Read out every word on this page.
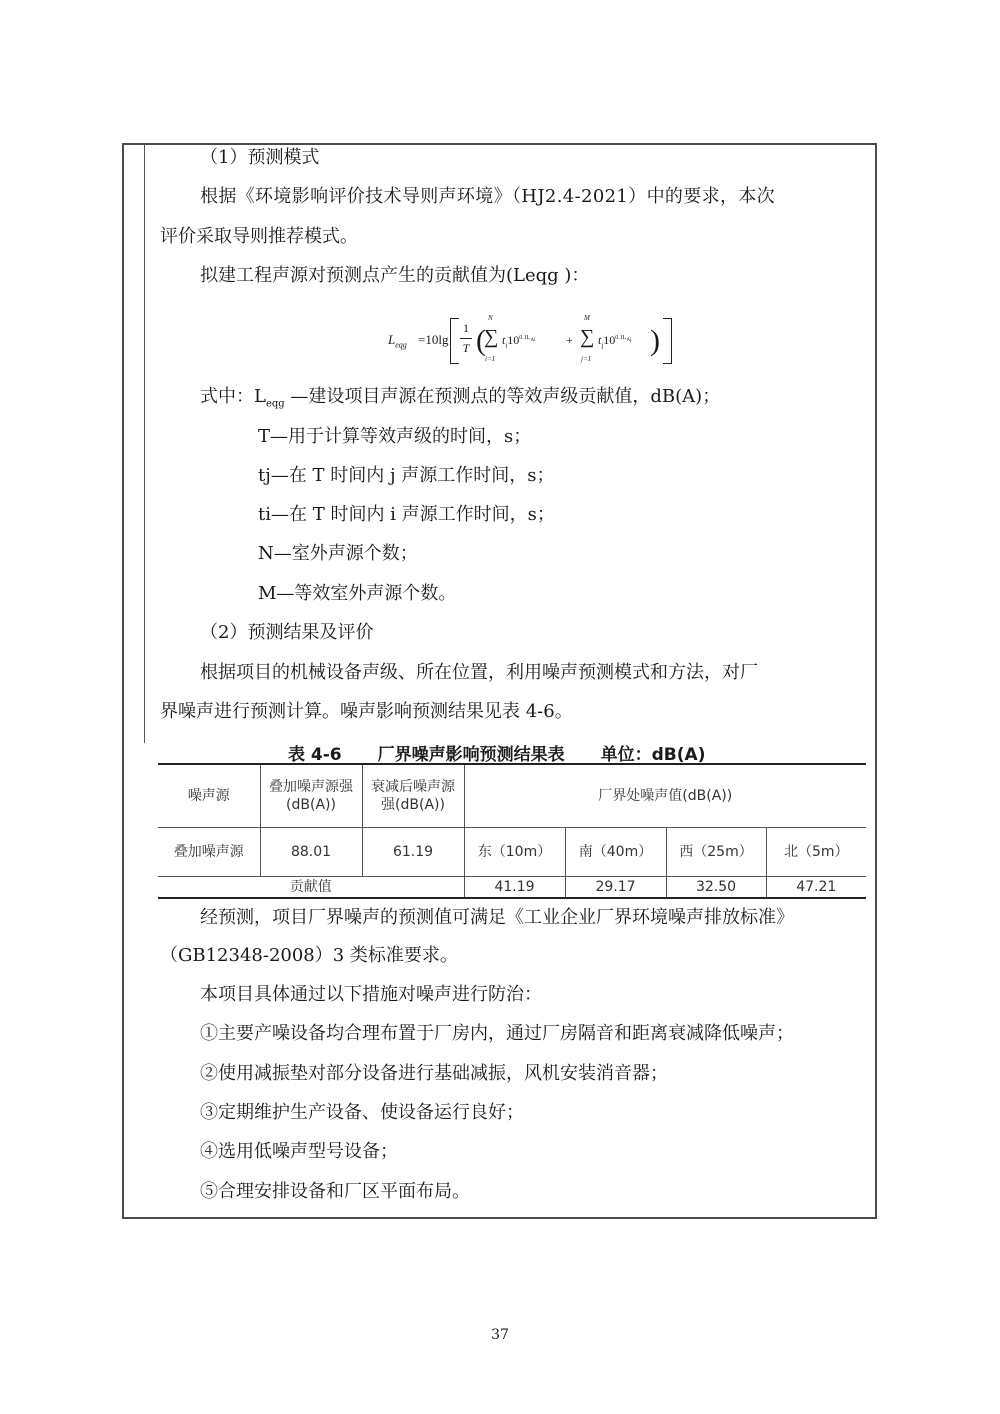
（1）预测模式
根据《环境影响评价技术导则声环境》（HJ2.4-2021）中的要求，本次
评价采取导则推荐模式。
拟建工程声源对预测点产生的贡献值为(Leqg )：
$L_{eqg} =10\lg$
1
T (
N
∑
i=1
$t_i10^{0.1L_{Ai}}$	+
M
∑
j=1
$t_j10^{0.1L_{Aj}}$ )
式中：$L_{eqg}$ —建设项目声源在预测点的等效声级贡献值，dB(A)；
T—用于计算等效声级的时间，s；
tj—在 T 时间内 j 声源工作时间，s；
ti—在 T 时间内 i 声源工作时间，s；
N—室外声源个数；
M—等效室外声源个数。
（2）预测结果及评价
根据项目的机械设备声级、所在位置，利用噪声预测模式和方法，对厂
界噪声进行预测计算。噪声影响预测结果见表 4-6。
表 4-6 厂界噪声影响预测结果表 单位：dB(A)
噪声源	叠加噪声源强(dB(A))	衰减后噪声源强(dB(A))	厂界处噪声值(dB(A))			
叠加噪声源	88.01	61.19	东（10m）	南（40m）	西（25m）	北（5m）
贡献值			41.19	29.17	32.50	47.21
经预测，项目厂界噪声的预测值可满足《工业企业厂界环境噪声排放标准》
（GB12348-2008）3 类标准要求。
本项目具体通过以下措施对噪声进行防治：
①主要产噪设备均合理布置于厂房内，通过厂房隔音和距离衰减降低噪声；
②使用减振垫对部分设备进行基础减振，风机安装消音器；
③定期维护生产设备、使设备运行良好；
④选用低噪声型号设备；
⑤合理安排设备和厂区平面布局。
37
